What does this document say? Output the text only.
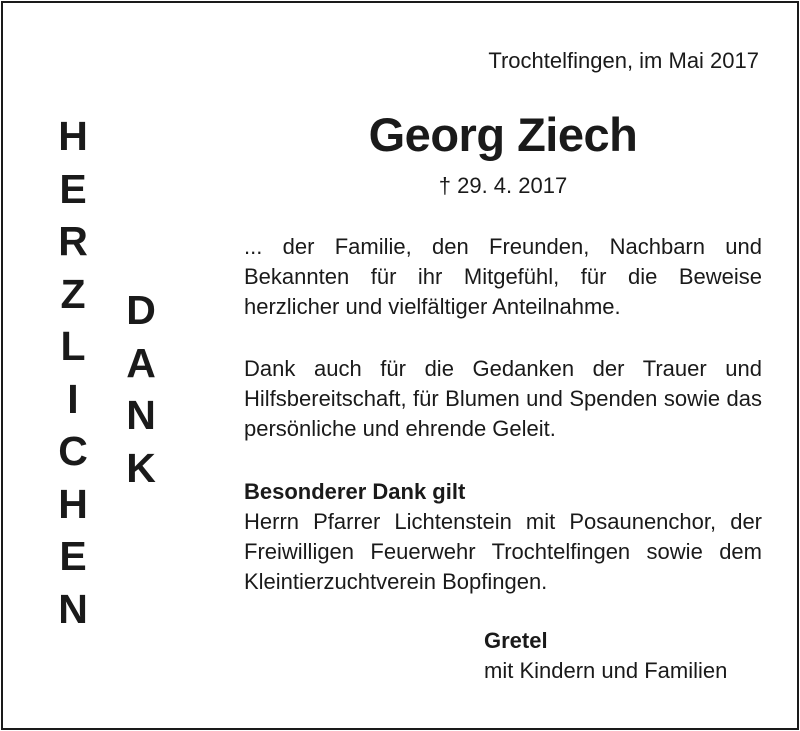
Trochtelfingen, im Mai 2017
Georg Ziech
† 29. 4. 2017
H
E
R
Z
L
I
C
H
E
N
D
A
N
K
... der Familie, den Freunden, Nachbarn und Bekannten für ihr Mitgefühl, für die Beweise herzlicher und vielfältiger Anteilnahme.
Dank auch für die Gedanken der Trauer und Hilfsbereitschaft, für Blumen und Spenden sowie das persönliche und ehrende Geleit.
Besonderer Dank gilt
Herrn Pfarrer Lichtenstein mit Posaunenchor, der Freiwilligen Feuerwehr Trochtelfingen sowie dem Kleintierzuchtverein Bopfingen.
Gretel
mit Kindern und Familien
